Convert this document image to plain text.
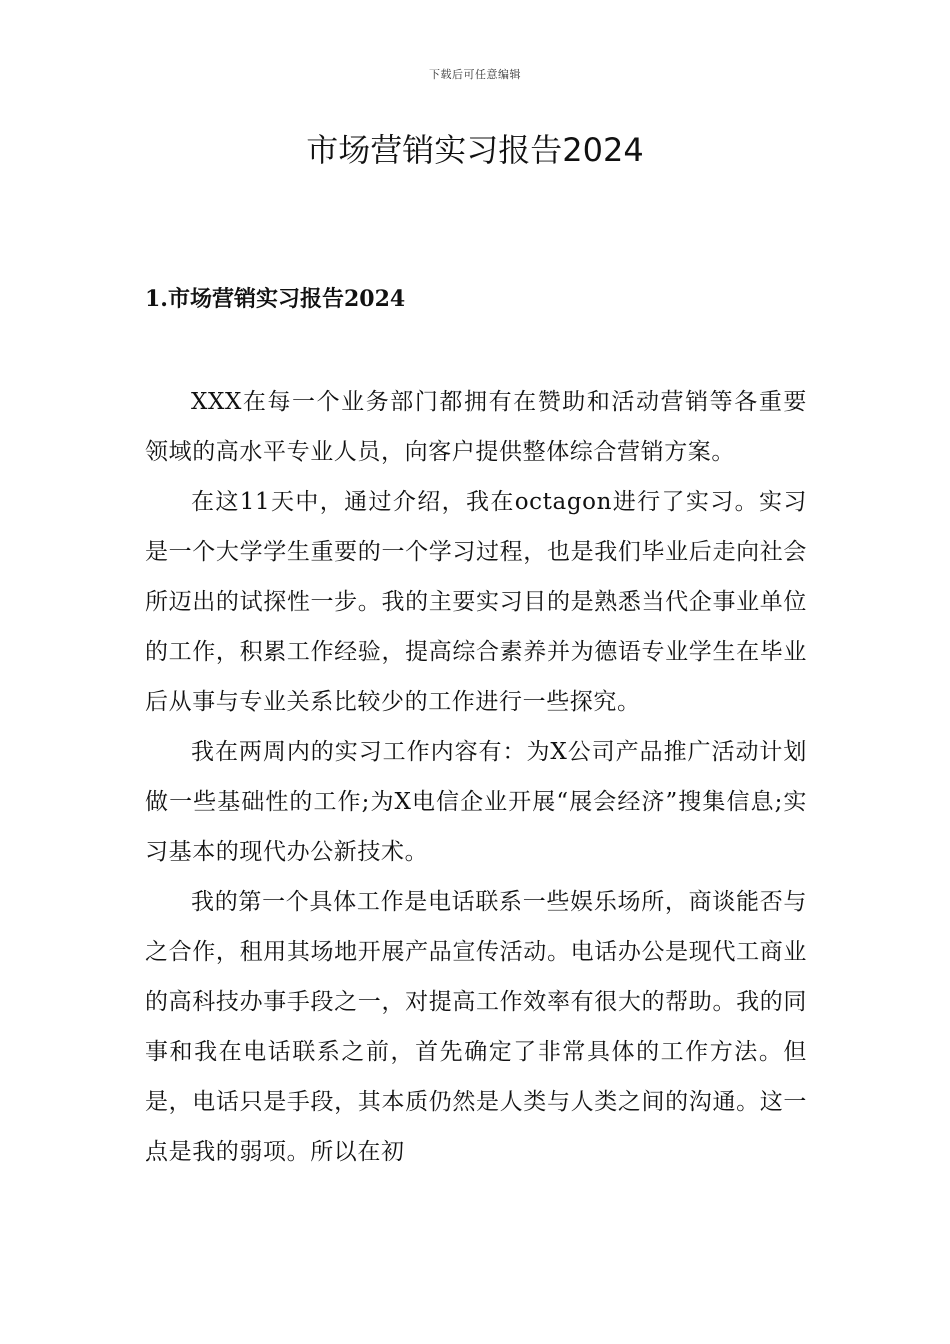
下载后可任意编辑
市场营销实习报告2024
1.市场营销实习报告2024

XXX在每一个业务部门都拥有在赞助和活动营销等各重要领域的高水平专业人员，向客户提供整体综合营销方案。

在这11天中，通过介绍，我在octagon进行了实习。实习是一个大学学生重要的一个学习过程，也是我们毕业后走向社会所迈出的试探性一步。我的主要实习目的是熟悉当代企事业单位的工作，积累工作经验，提高综合素养并为德语专业学生在毕业后从事与专业关系比较少的工作进行一些探究。

我在两周内的实习工作内容有：为X公司产品推广活动计划做一些基础性的工作;为X电信企业开展“展会经济”搜集信息;实习基本的现代办公新技术。

我的第一个具体工作是电话联系一些娱乐场所，商谈能否与之合作，租用其场地开展产品宣传活动。电话办公是现代工商业的高科技办事手段之一，对提高工作效率有很大的帮助。我的同事和我在电话联系之前，首先确定了非常具体的工作方法。但是，电话只是手段，其本质仍然是人类与人类之间的沟通。这一点是我的弱项。所以在初
